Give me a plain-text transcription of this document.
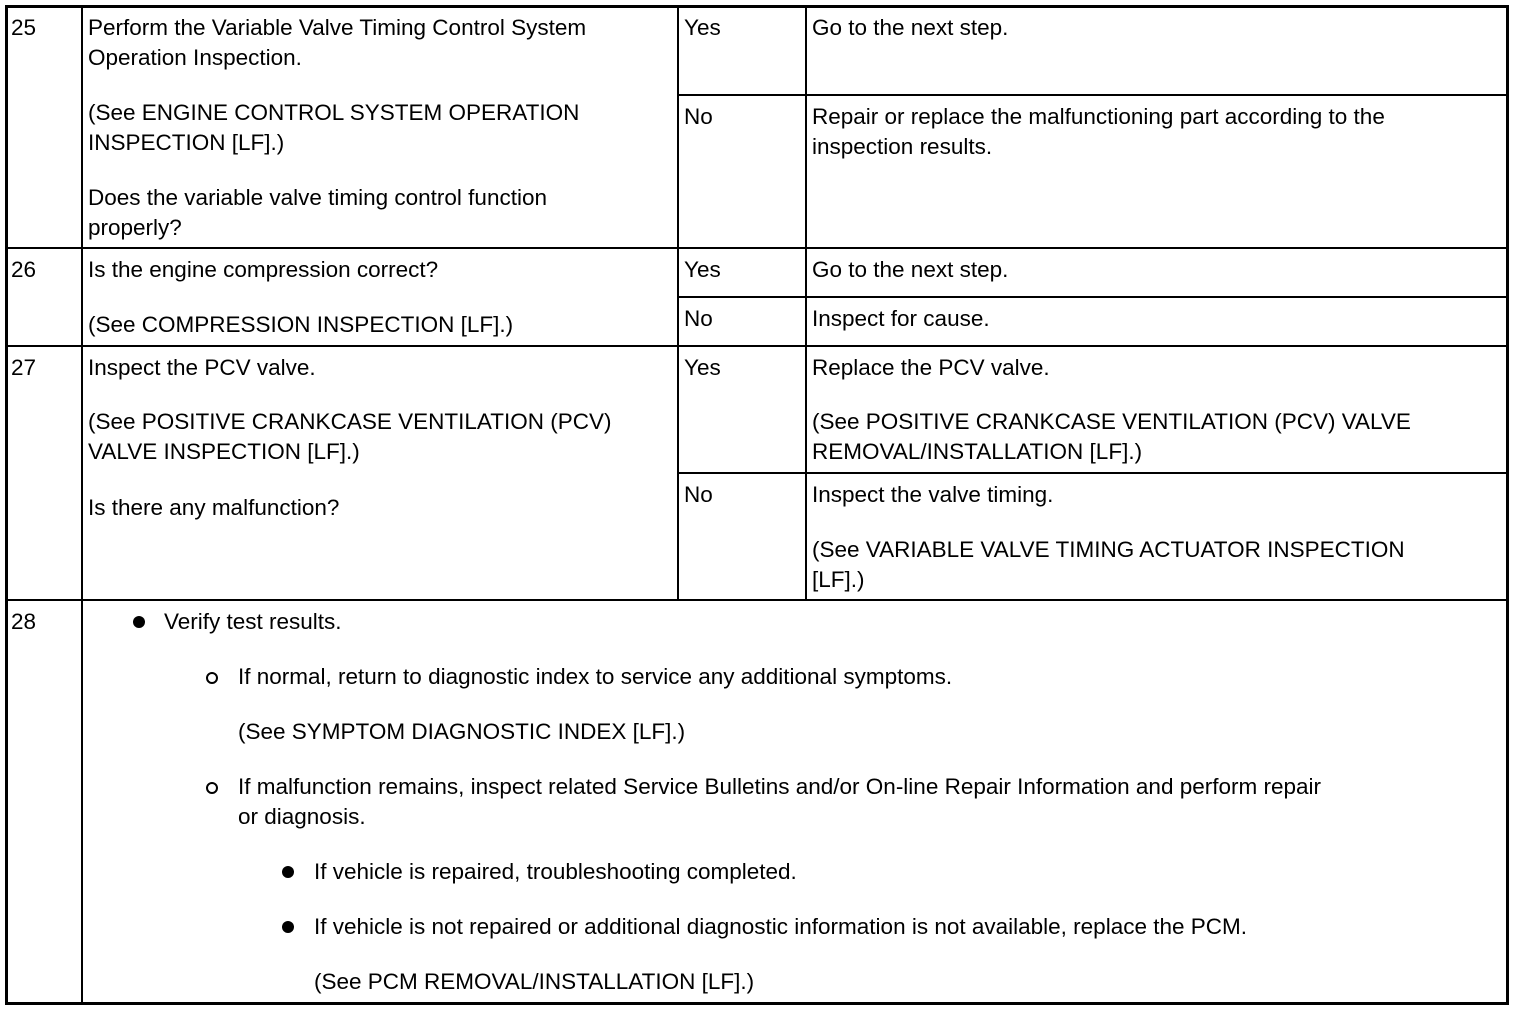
25 Perform the Variable Valve Timing Control System
Operation Inspection.
(See ENGINE CONTROL SYSTEM OPERATION
INSPECTION [LF].)
Does the variable valve timing control function
properly?
Yes	Go to the next step.
No	Repair or replace the malfunctioning part according to the
inspection results.
26 Is the engine compression correct?
(See COMPRESSION INSPECTION [LF].)
Yes	Go to the next step.
No	Inspect for cause.
27 Inspect the PCV valve.
(See POSITIVE CRANKCASE VENTILATION (PCV)
VALVE INSPECTION [LF].)
Is there any malfunction?
Yes	Replace the PCV valve.
(See POSITIVE CRANKCASE VENTILATION (PCV) VALVE
REMOVAL/INSTALLATION [LF].)
No	Inspect the valve timing.
(See VARIABLE VALVE TIMING ACTUATOR INSPECTION
[LF].)
28	Verify test results.
If normal, return to diagnostic index to service any additional symptoms.
(See SYMPTOM DIAGNOSTIC INDEX [LF].)
If malfunction remains, inspect related Service Bulletins and/or On-line Repair Information and perform repair
or diagnosis.
If vehicle is repaired, troubleshooting completed.
If vehicle is not repaired or additional diagnostic information is not available, replace the PCM.
(See PCM REMOVAL/INSTALLATION [LF].)
